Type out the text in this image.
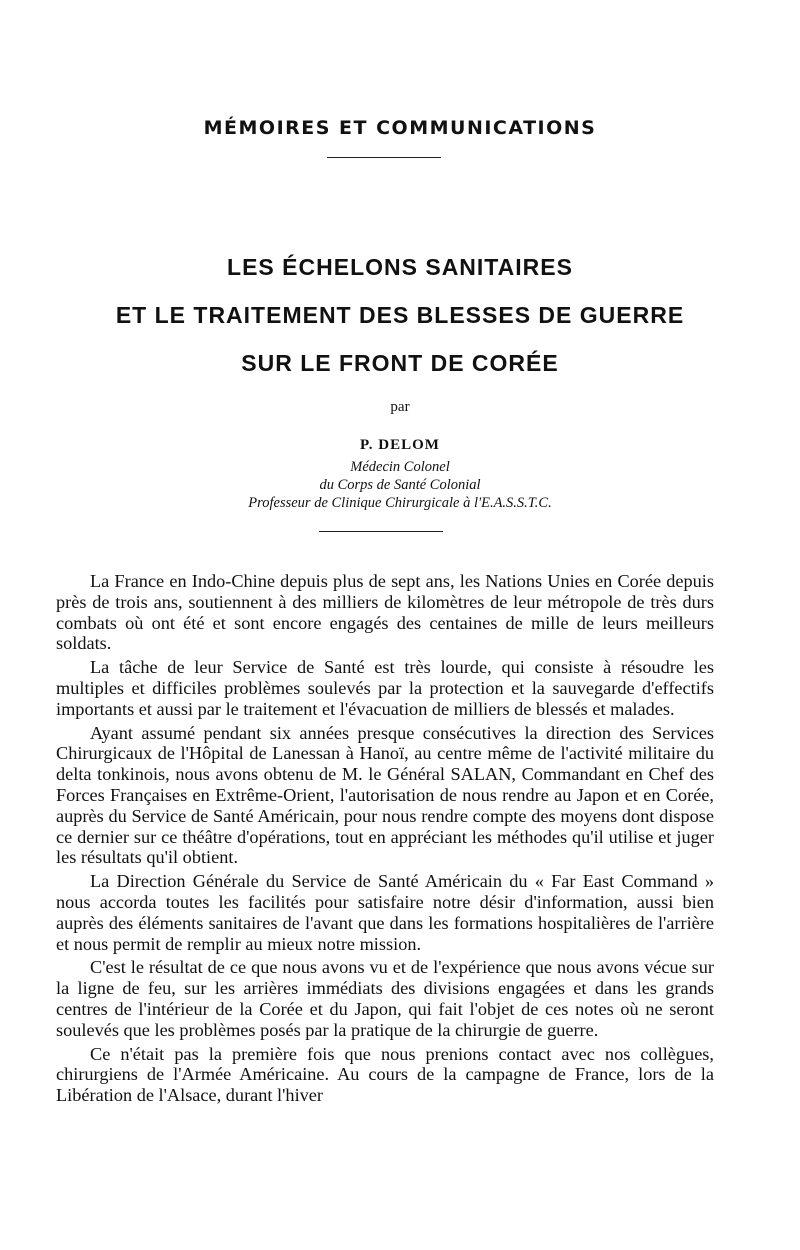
MÉMOIRES ET COMMUNICATIONS
LES ÉCHELONS SANITAIRES
ET LE TRAITEMENT DES BLESSES DE GUERRE
SUR LE FRONT DE CORÉE
par
P. DELOM
Médecin Colonel
du Corps de Santé Colonial
Professeur de Clinique Chirurgicale à l'E.A.S.S.T.C.

La France en Indo-Chine depuis plus de sept ans, les Nations Unies en Corée depuis près de trois ans, soutiennent à des milliers de kilomètres de leur métropole de très durs combats où ont été et sont encore engagés des centaines de mille de leurs meilleurs soldats.

La tâche de leur Service de Santé est très lourde, qui consiste à résoudre les multiples et difficiles problèmes soulevés par la protection et la sauvegarde d'effectifs importants et aussi par le traitement et l'évacuation de milliers de blessés et malades.

Ayant assumé pendant six années presque consécutives la direction des Services Chirurgicaux de l'Hôpital de Lanessan à Hanoï, au centre même de l'activité militaire du delta tonkinois, nous avons obtenu de M. le Général SALAN, Commandant en Chef des Forces Françaises en Extrême-Orient, l'autorisation de nous rendre au Japon et en Corée, auprès du Service de Santé Américain, pour nous rendre compte des moyens dont dispose ce dernier sur ce théâtre d'opérations, tout en appréciant les méthodes qu'il utilise et juger les résultats qu'il obtient.

La Direction Générale du Service de Santé Américain du « Far East Command » nous accorda toutes les facilités pour satisfaire notre désir d'information, aussi bien auprès des éléments sanitaires de l'avant que dans les formations hospitalières de l'arrière et nous permit de remplir au mieux notre mission.

C'est le résultat de ce que nous avons vu et de l'expérience que nous avons vécue sur la ligne de feu, sur les arrières immédiats des divisions engagées et dans les grands centres de l'intérieur de la Corée et du Japon, qui fait l'objet de ces notes où ne seront soulevés que les problèmes posés par la pratique de la chirurgie de guerre.

Ce n'était pas la première fois que nous prenions contact avec nos collègues, chirurgiens de l'Armée Américaine. Au cours de la campagne de France, lors de la Libération de l'Alsace, durant l'hiver
